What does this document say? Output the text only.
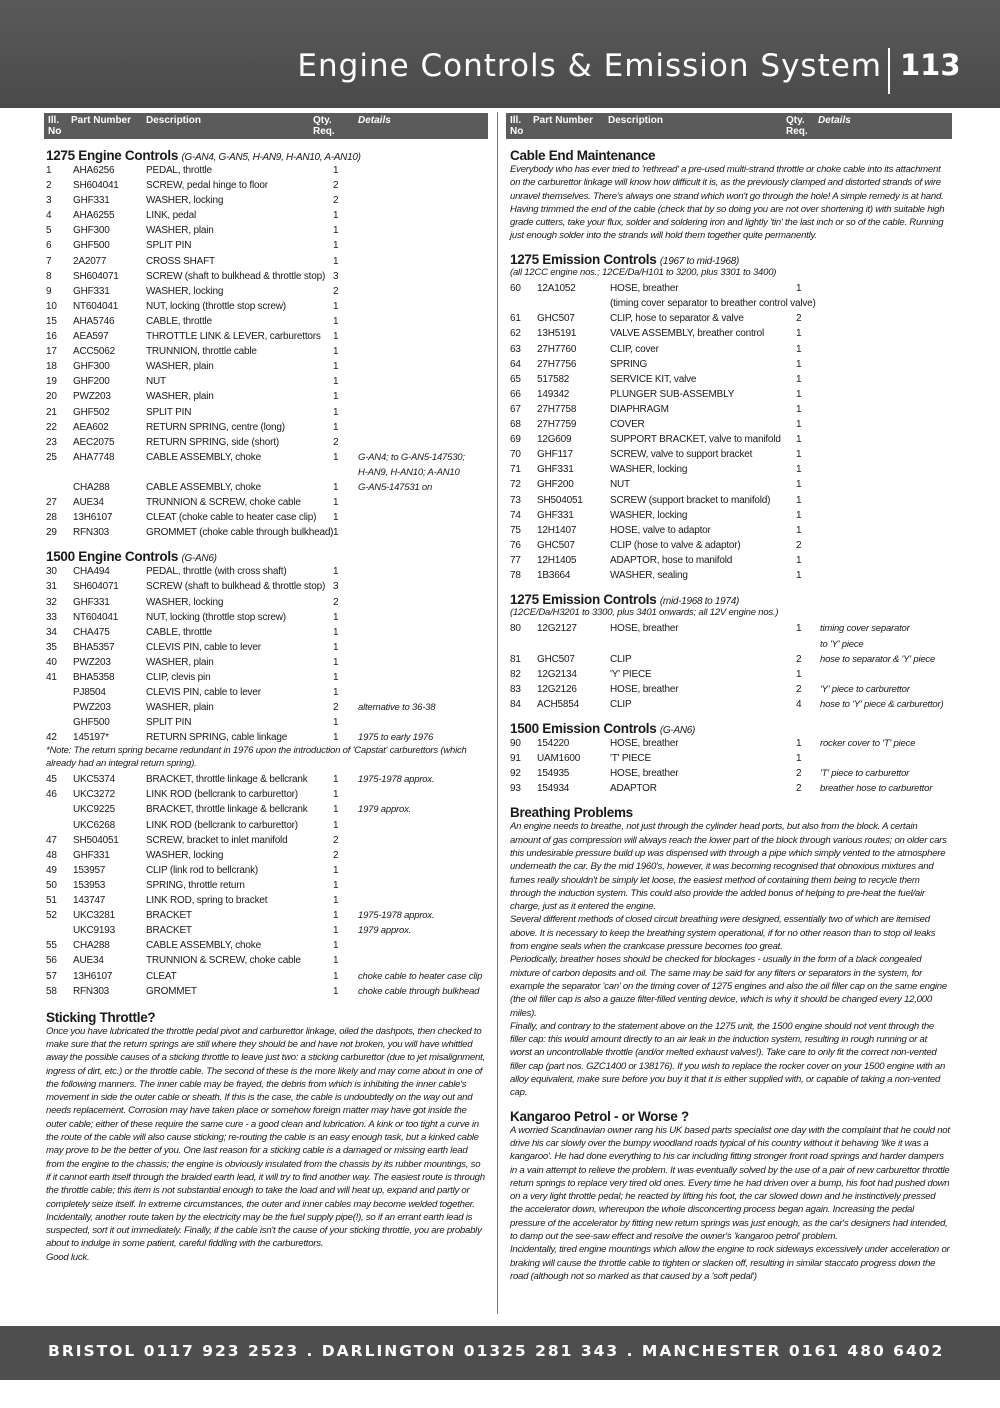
Engine Controls & Emission System 113
Ill.
No
Part Number Description	Qty.
Req.
Details	Ill.
No
Part Number Description	Qty.
Req.
Details
1275 Engine Controls (G-AN4, G-AN5, H-AN9, H-AN10, A-AN10)
1 AHA6256	PEDAL, throttle	1
2 SH604041	SCREW, pedal hinge to floor	2
3 GHF331	WASHER, locking	2
4 AHA6255	LINK, pedal	1
5 GHF300	WASHER, plain	1
6 GHF500	SPLIT PIN	1
7 2A2077	CROSS SHAFT	1
8 SH604071	SCREW (shaft to bulkhead & throttle stop) 3
9 GHF331	WASHER, locking	2
10 NT604041	NUT, locking (throttle stop screw)	1
15 AHA5746	CABLE, throttle	1
16 AEA597	THROTTLE LINK & LEVER, carburettors 1
17 ACC5062	TRUNNION, throttle cable	1
18 GHF300	WASHER, plain	1
19 GHF200	NUT	1
20 PWZ203	WASHER, plain	1
21 GHF502	SPLIT PIN	1
22 AEA602	RETURN SPRING, centre (long)	1
23 AEC2075	RETURN SPRING, side (short)	2
25 AHA7748	CABLE ASSEMBLY, choke	1 G-AN4; to G-AN5-147530;
H-AN9, H-AN10; A-AN10
CHA288	CABLE ASSEMBLY, choke	1 G-AN5-147531 on
27 AUE34	TRUNNION & SCREW, choke cable	1
28 13H6107	CLEAT (choke cable to heater case clip) 1
29 RFN303	GROMMET (choke cable through bulkhead) 1
1500 Engine Controls (G-AN6)
30 CHA494	PEDAL, throttle (with cross shaft)	1
31 SH604071	SCREW (shaft to bulkhead & throttle stop) 3
32 GHF331	WASHER, locking	2
33 NT604041	NUT, locking (throttle stop screw)	1
34 CHA475	CABLE, throttle	1
35 BHA5357	CLEVIS PIN, cable to lever	1
40 PWZ203	WASHER, plain	1
41 BHA5358	CLIP, clevis pin	1
PJ8504	CLEVIS PIN, cable to lever	1
PWZ203	WASHER, plain	2 alternative to 36-38
GHF500	SPLIT PIN	1
42 145197*	RETURN SPRING, cable linkage	1 1975 to early 1976

*Note: The return spring became redundant in 1976 upon the introduction of 'Capstat' carburettors (which already had an integral return spring).

45 UKC5374	BRACKET, throttle linkage & bellcrank	1 1975-1978 approx.
46 UKC3272	LINK ROD (bellcrank to carburettor)	1
UKC9225	BRACKET, throttle linkage & bellcrank	1 1979 approx.
UKC6268	LINK ROD (bellcrank to carburettor)	1
47 SH504051	SCREW, bracket to inlet manifold	2
48 GHF331	WASHER, locking	2
49 153957	CLIP (link rod to bellcrank)	1
50 153953	SPRING, throttle return	1
51 143747	LINK ROD, spring to bracket	1
52 UKC3281	BRACKET	1 1975-1978 approx.
UKC9193	BRACKET	1 1979 approx.
55 CHA288	CABLE ASSEMBLY, choke	1
56 AUE34	TRUNNION & SCREW, choke cable	1
57 13H6107	CLEAT	1 choke cable to heater case clip
58 RFN303	GROMMET	1 choke cable through bulkhead
Sticking Throttle?

Once you have lubricated the throttle pedal pivot and carburettor linkage, oiled the dashpots, then checked to make sure that the return springs are still where they should be and have not broken, you will have whittled away the possible causes of a sticking throttle to leave just two: a sticking carburettor (due to jet misalignment, ingress of dirt, etc.) or the throttle cable. The second of these is the more likely and may come about in one of the following manners. The inner cable may be frayed, the debris from which is inhibiting the inner cable's movement in side the outer cable or sheath. If this is the case, the cable is undoubtedly on the way out and needs replacement. Corrosion may have taken place or somehow foreign matter may have got inside the outer cable; either of these require the same cure - a good clean and lubrication. A kink or too tight a curve in the route of the cable will also cause sticking; re-routing the cable is an easy enough task, but a kinked cable may prove to be the better of you. One last reason for a sticking cable is a damaged or missing earth lead from the engine to the chassis; the engine is obviously insulated from the chassis by its rubber mountings, so if it cannot earth itself through the braided earth lead, it will try to find another way. The easiest route is through the throttle cable; this item is not substantial enough to take the load and will heat up, expand and partly or completely seize itself. In extreme circumstances, the outer and inner cables may become welded together. Incidentally, another route taken by the electricity may be the fuel supply pipe(!), so if an errant earth lead is suspected, sort it out immediately. Finally, if the cable isn't the cause of your sticking throttle, you are probably about to indulge in some patient, careful fiddling with the carburettors.

Good luck.

Cable End Maintenance

Everybody who has ever tried to 'rethread' a pre-used multi-strand throttle or choke cable into its attachment on the carburettor linkage will know how difficult it is, as the previously clamped and distorted strands of wire unravel themselves. There's always one strand which won't go through the hole! A simple remedy is at hand. Having trimmed the end of the cable (check that by so doing you are not over shortening it) with suitable high grade cutters, take your flux, solder and soldering iron and lightly 'tin' the last inch or so of the cable. Running just enough solder into the strands will hold them together quite permanently.

1275 Emission Controls (1967 to mid-1968)

(all 12CC engine nos.; 12CE/Da/H101 to 3200, plus 3301 to 3400)

60 12A1052	HOSE, breather	1
(timing cover separator to breather control valve)
61 GHC507	CLIP, hose to separator & valve	2
62 13H5191	VALVE ASSEMBLY, breather control	1
63 27H7760	CLIP, cover	1
64 27H7756	SPRING	1
65 517582	SERVICE KIT, valve	1
66 149342	PLUNGER SUB-ASSEMBLY	1
67 27H7758	DIAPHRAGM	1
68 27H7759	COVER	1
69 12G609	SUPPORT BRACKET, valve to manifold 1
70 GHF117	SCREW, valve to support bracket	1
71 GHF331	WASHER, locking	1
72 GHF200	NUT	1
73 SH504051	SCREW (support bracket to manifold)	1
74 GHF331	WASHER, locking	1
75 12H1407	HOSE, valve to adaptor	1
76 GHC507	CLIP (hose to valve & adaptor)	2
77 12H1405	ADAPTOR, hose to manifold	1
78 1B3664	WASHER, sealing	1
1275 Emission Controls (mid-1968 to 1974)

(12CE/Da/H3201 to 3300, plus 3401 onwards; all 12V engine nos.)

80 12G2127	HOSE, breather	1 timing cover separator
to 'Y' piece
81 GHC507	CLIP	2 hose to separator & 'Y' piece
82 12G2134	'Y' PIECE	1
83 12G2126	HOSE, breather	2 'Y' piece to carburettor
84 ACH5854	CLIP	4 hose to 'Y' piece & carburettor)
1500 Emission Controls (G-AN6)
90 154220	HOSE, breather	1 rocker cover to 'T' piece
91 UAM1600	'T' PIECE	1
92 154935	HOSE, breather	2 'T' piece to carburettor
93 154934	ADAPTOR	2 breather hose to carburettor
Breathing Problems

An engine needs to breathe, not just through the cylinder head ports, but also from the block. A certain amount of gas compression will always reach the lower part of the block through various routes; on older cars this undesirable pressure build up was dispensed with through a pipe which simply vented to the atmosphere underneath the car. By the mid 1960's, however, it was becoming recognised that obnoxious mixtures and fumes really shouldn't be simply let loose, the easiest method of containing them being to recycle them through the induction system. This could also provide the added bonus of helping to pre-heat the fuel/air charge, just as it entered the engine.

Several different methods of closed circuit breathing were designed, essentially two of which are itemised above. It is necessary to keep the breathing system operational, if for no other reason than to stop oil leaks from engine seals when the crankcase pressure becomes too great.

Periodically, breather hoses should be checked for blockages - usually in the form of a black congealed mixture of carbon deposits and oil. The same may be said for any filters or separators in the system, for example the separator 'can' on the timing cover of 1275 engines and also the oil filler cap on the same engine (the oil filler cap is also a gauze filter-filled venting device, which is why it should be changed every 12,000 miles).

Finally, and contrary to the statement above on the 1275 unit, the 1500 engine should not vent through the filler cap: this would amount directly to an air leak in the induction system, resulting in rough running or at worst an uncontrollable throttle (and/or melted exhaust valves!). Take care to only fit the correct non-vented filler cap (part nos. GZC1400 or 138176). If you wish to replace the rocker cover on your 1500 engine with an alloy equivalent, make sure before you buy it that it is either supplied with, or capable of taking a non-vented cap.

Kangaroo Petrol - or Worse ?

A worried Scandinavian owner rang his UK based parts specialist one day with the complaint that he could not drive his car slowly over the bumpy woodland roads typical of his country without it behaving 'like it was a kangaroo'. He had done everything to his car including fitting stronger front road springs and harder dampers in a vain attempt to relieve the problem. It was eventually solved by the use of a pair of new carburettor throttle return springs to replace very tired old ones. Every time he had driven over a bump, his foot had pushed down on a very light throttle pedal; he reacted by lifting his foot, the car slowed down and he instinctively pressed the accelerator down, whereupon the whole disconcerting process began again. Increasing the pedal pressure of the accelerator by fitting new return springs was just enough, as the car's designers had intended, to damp out the see-saw effect and resolve the owner's 'kangaroo petrol' problem.

Incidentally, tired engine mountings which allow the engine to rock sideways excessively under acceleration or braking will cause the throttle cable to tighten or slacken off, resulting in similar staccato progress down the road (although not so marked as that caused by a 'soft pedal')

BRISTOL 0117 923 2523 . DARLINGTON 01325 281 343 . MANCHESTER 0161 480 6402
